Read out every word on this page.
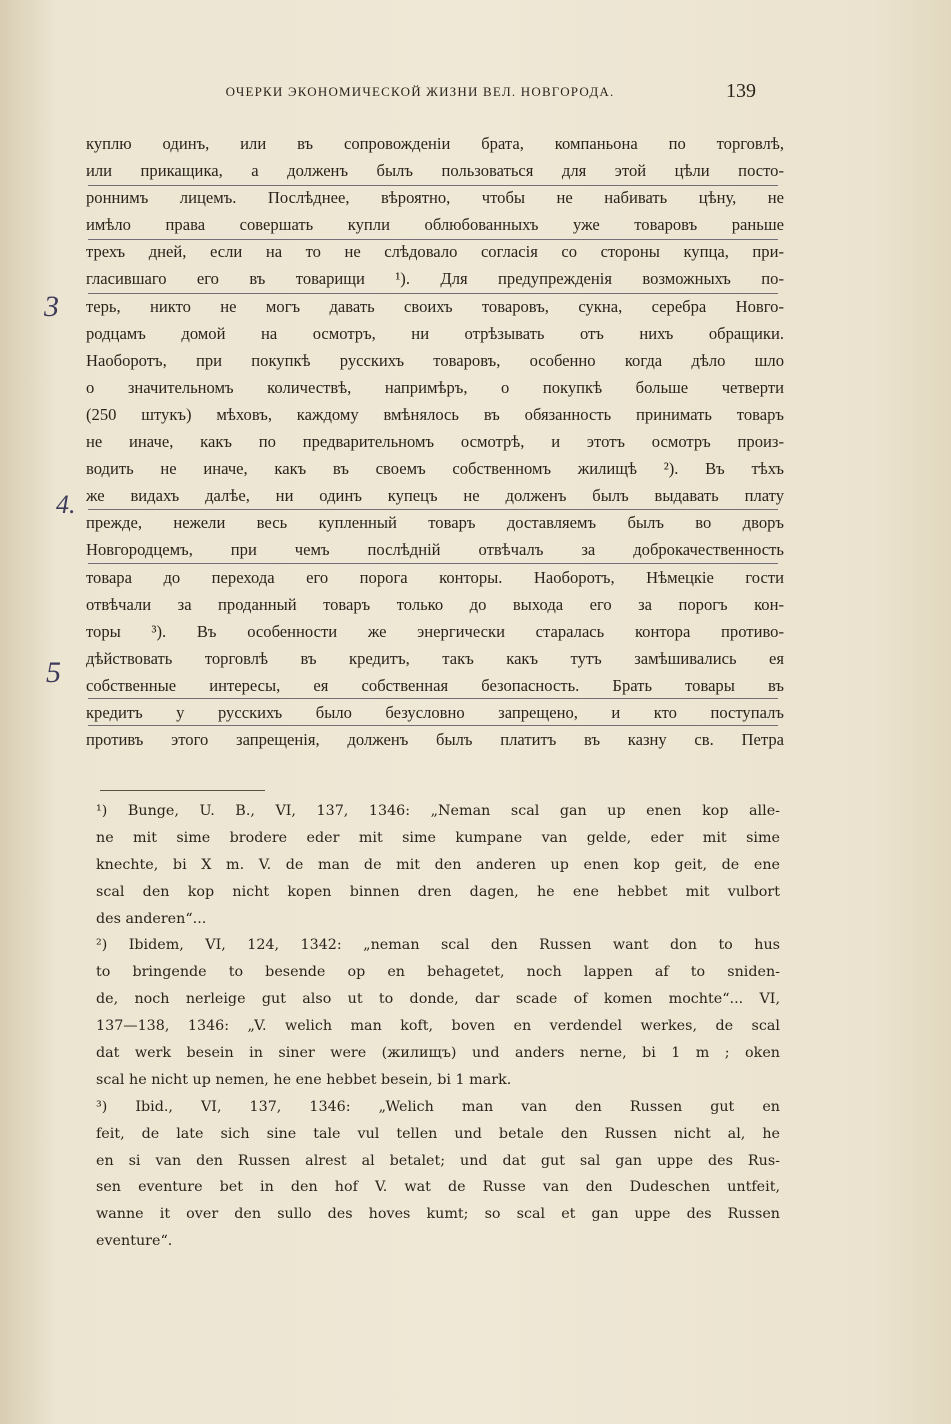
ОЧЕРКИ ЭКОНОМИЧЕСКОЙ ЖИЗНИ ВЕЛ. НОВГОРОДА.	139
3
4.
5
куплю одинъ, или въ сопровожденіи брата, компаньона по торговлѣ,
или прикащика, а долженъ былъ пользоваться для этой цѣли посто-
роннимъ лицемъ. Послѣднее, вѣроятно, чтобы не набивать цѣну, не
имѣло права совершать купли облюбованныхъ уже товаровъ раньше
трехъ дней, если на то не слѣдовало согласія со стороны купца, при-
гласившаго его въ товарищи ¹). Для предупрежденія возможныхъ по-
терь, никто не могъ давать своихъ товаровъ, сукна, серебра Новго-
родцамъ домой на осмотръ, ни отрѣзывать отъ нихъ обращики.
Наоборотъ, при покупкѣ русскихъ товаровъ, особенно когда дѣло шло
о значительномъ количествѣ, напримѣръ, о покупкѣ больше четверти
(250 штукъ) мѣховъ, каждому вмѣнялось въ обязанность принимать товаръ
не иначе, какъ по предварительномъ осмотрѣ, и этотъ осмотръ произ-
водить не иначе, какъ въ своемъ собственномъ жилищѣ ²). Въ тѣхъ
же видахъ далѣе, ни одинъ купецъ не долженъ былъ выдавать плату
прежде, нежели весь купленный товаръ доставляемъ былъ во дворъ
Новгородцемъ, при чемъ послѣдній отвѣчалъ за доброкачественность
товара до перехода его порога конторы. Наоборотъ, Нѣмецкіе гости
отвѣчали за проданный товаръ только до выхода его за порогъ кон-
торы ³). Въ особенности же энергически старалась контора противо-
дѣйствовать торговлѣ въ кредитъ, такъ какъ тутъ замѣшивались ея
собственные интересы, ея собственная безопасность. Брать товары въ
кредитъ у русскихъ было безусловно запрещено, и кто поступалъ
противъ этого запрещенія, долженъ былъ платитъ въ казну св. Петра
¹) Bunge, U. B., VI, 137, 1346: „Neman scal gan up enen kop alle-
ne mit sime brodere eder mit sime kumpane van gelde, eder mit sime
knechte, bi X m. V. de man de mit den anderen up enen kop geit, de ene
scal den kop nicht kopen binnen dren dagen, he ene hebbet mit vulbort
des anderen“...
²) Ibidem, VI, 124, 1342: „neman scal den Russen want don to hus
to bringende to besende op en behagetet, noch lappen af to sniden-
de, noch nerleige gut also ut to donde, dar scade of komen mochte“... VI,
137—138, 1346: „V. welich man koft, boven en verdendel werkes, de scal
dat werk besein in siner were (жилищъ) und anders nerne, bi 1 m ; oken
scal he nicht up nemen, he ene hebbet besein, bi 1 mark.
³) Ibid., VI, 137, 1346: „Welich man van den Russen gut en
feit, de late sich sine tale vul tellen und betale den Russen nicht al, he
en si van den Russen alrest al betalet; und dat gut sal gan uppe des Rus-
sen eventure bet in den hof V. wat de Russe van den Dudeschen untfeit,
wanne it over den sullo des hoves kumt; so scal et gan uppe des Russen
eventure“.
